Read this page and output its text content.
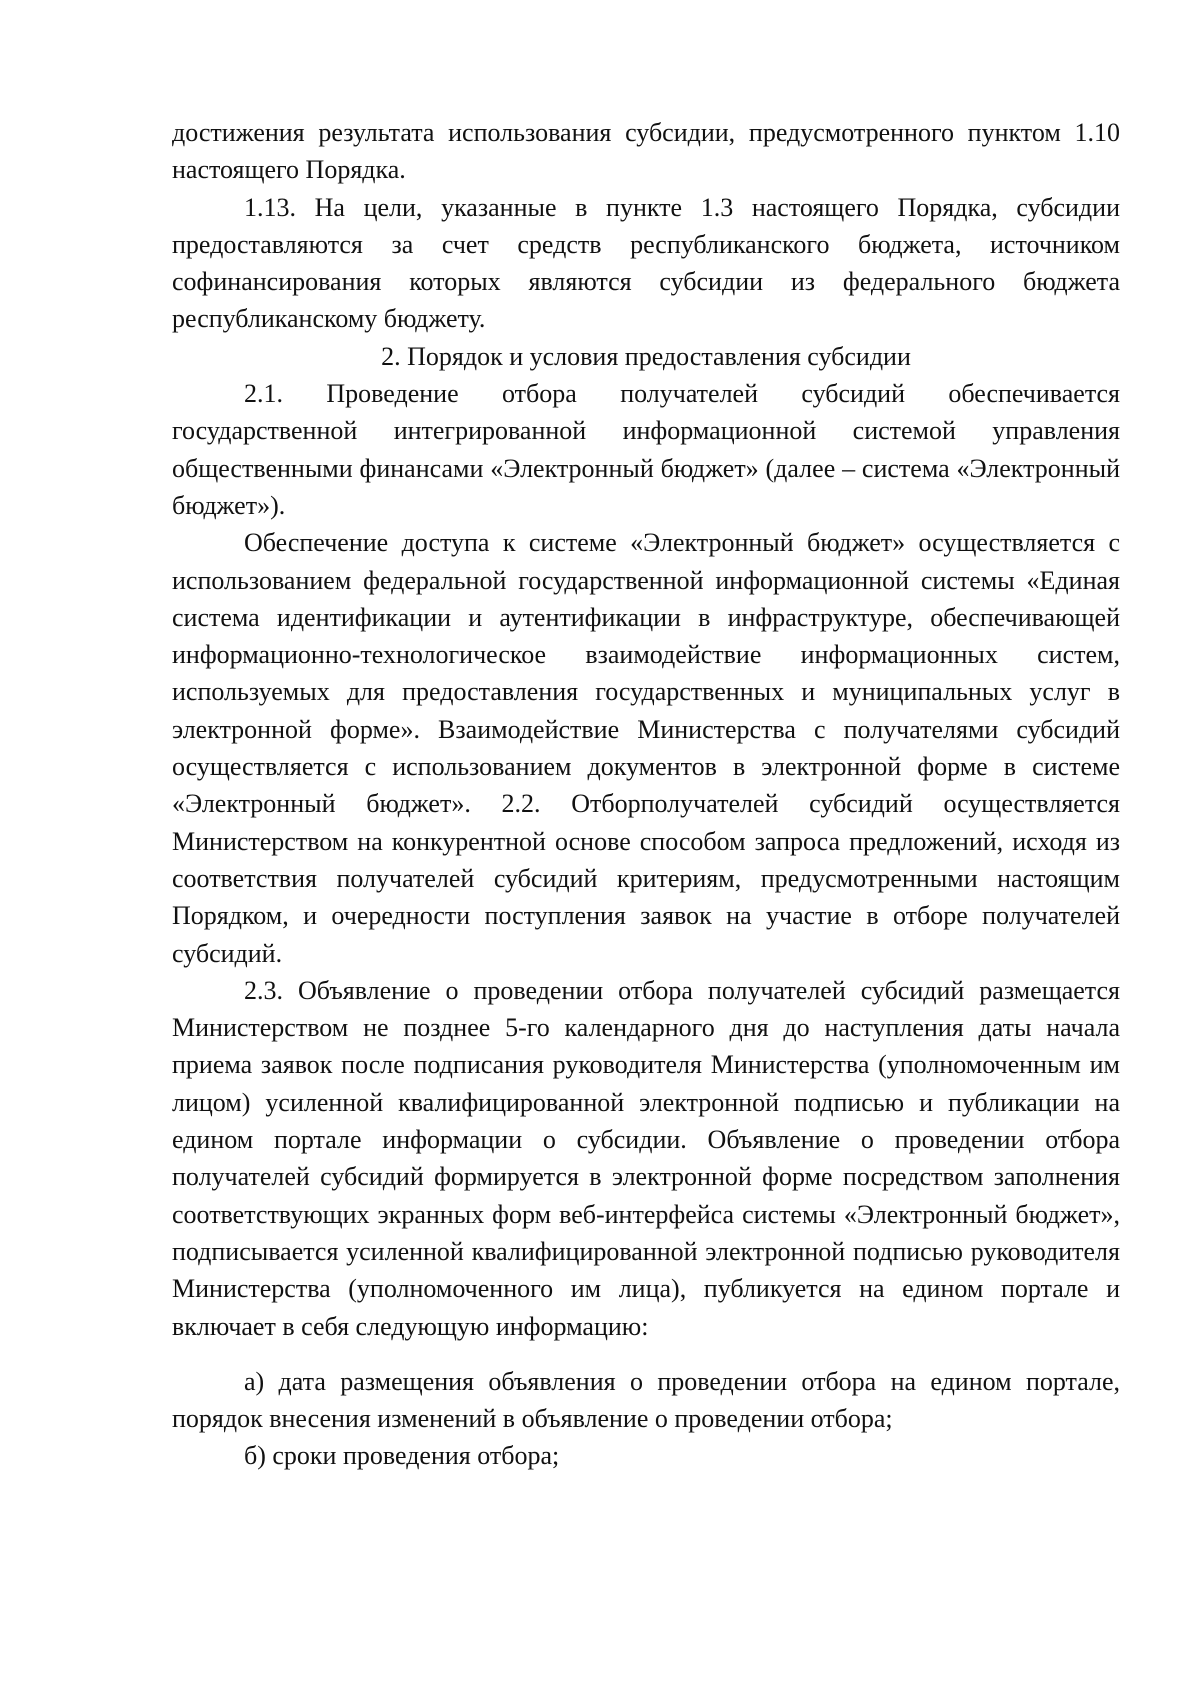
достижения результата использования субсидии, предусмотренного пунктом 1.10 настоящего Порядка.

1.13. На цели, указанные в пункте 1.3 настоящего Порядка, субсидии предоставляются за счет средств республиканского бюджета, источником софинансирования которых являются субсидии из федерального бюджета республиканскому бюджету.

2. Порядок и условия предоставления субсидии

2.1. Проведение отбора получателей субсидий обеспечивается государственной интегрированной информационной системой управления общественными финансами «Электронный бюджет» (далее – система «Электронный бюджет»).

Обеспечение доступа к системе «Электронный бюджет» осуществляется с использованием федеральной государственной информационной системы «Единая система идентификации и аутентификации в инфраструктуре, обеспечивающей информационно-технологическое взаимодействие информационных систем, используемых для предоставления государственных и муниципальных услуг в электронной форме». Взаимодействие Министерства с получателями субсидий осуществляется с использованием документов в электронной форме в системе «Электронный бюджет». 2.2. Отборполучателей субсидий осуществляется Министерством на конкурентной основе способом запроса предложений, исходя из соответствия получателей субсидий критериям, предусмотренными настоящим Порядком, и очередности поступления заявок на участие в отборе получателей субсидий.

2.3. Объявление о проведении отбора получателей субсидий размещается Министерством не позднее 5-го календарного дня до наступления даты начала приема заявок после подписания руководителя Министерства (уполномоченным им лицом) усиленной квалифицированной электронной подписью и публикации на едином портале информации о субсидии. Объявление о проведении отбора получателей субсидий формируется в электронной форме посредством заполнения соответствующих экранных форм веб-интерфейса системы «Электронный бюджет», подписывается усиленной квалифицированной электронной подписью руководителя Министерства (уполномоченного им лица), публикуется на едином портале и включает в себя следующую информацию:

а) дата размещения объявления о проведении отбора на едином портале, порядок внесения изменений в объявление о проведении отбора;

б) сроки проведения отбора;
